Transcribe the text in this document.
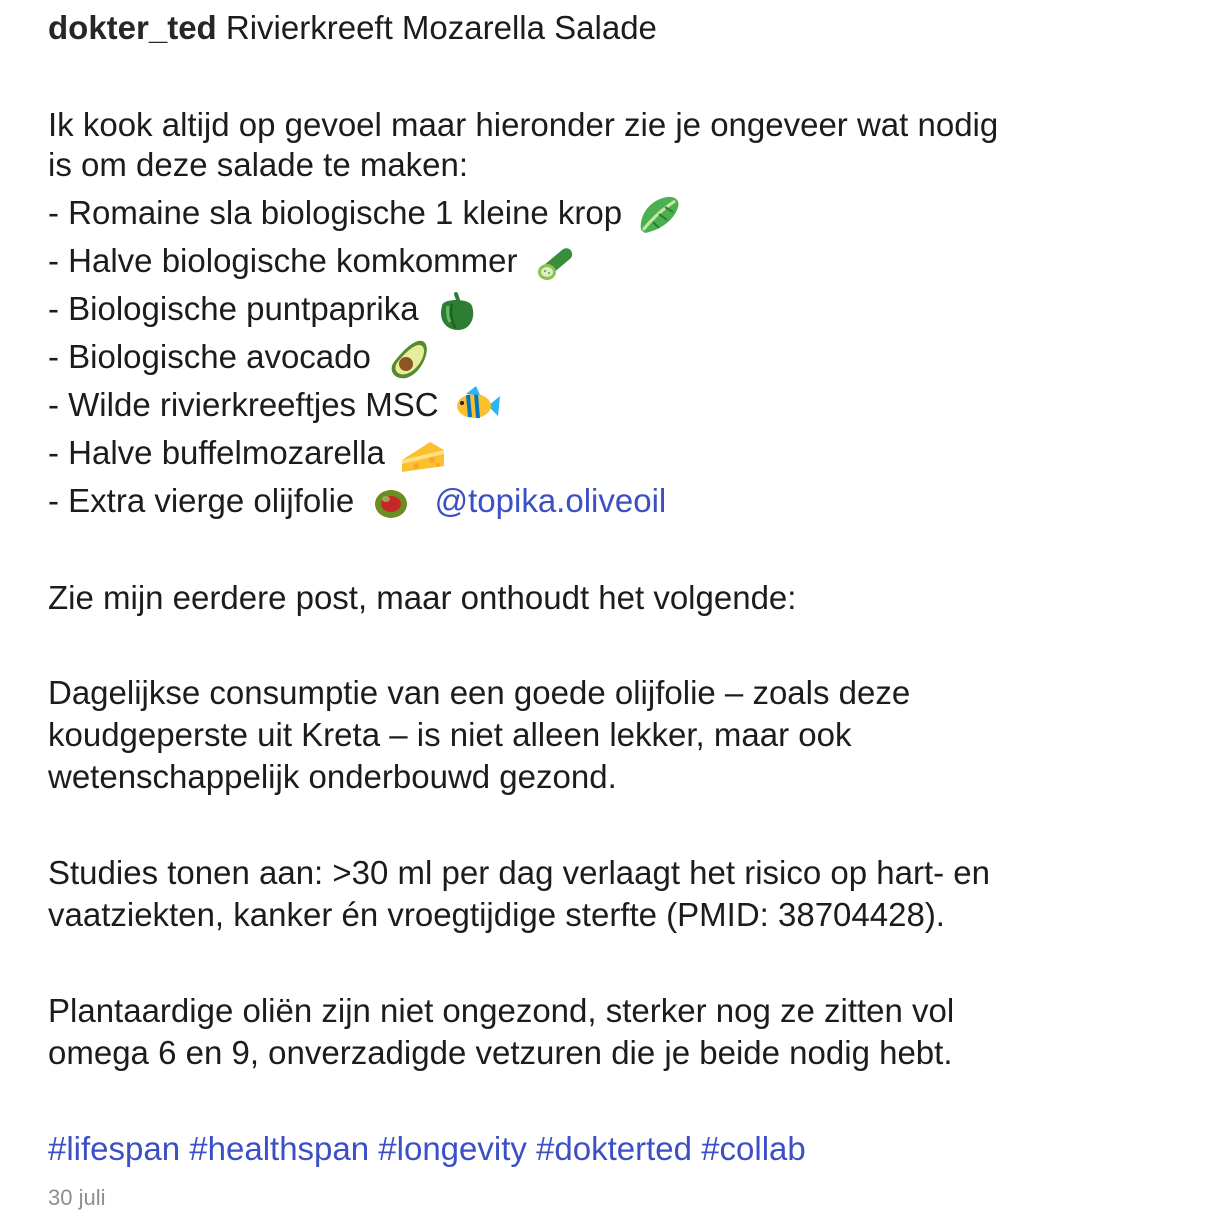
dokter_ted Rivierkreeft Mozarella Salade
Ik kook altijd op gevoel maar hieronder zie je ongeveer wat nodig
is om deze salade te maken:
- Romaine sla biologische 1 kleine krop
- Halve biologische komkommer
- Biologische puntpaprika
- Biologische avocado
- Wilde rivierkreeftjes MSC
- Halve buffelmozarella
- Extra vierge olijfolie @topika.oliveoil
Zie mijn eerdere post, maar onthoudt het volgende:
Dagelijkse consumptie van een goede olijfolie – zoals deze
koudgeperste uit Kreta – is niet alleen lekker, maar ook
wetenschappelijk onderbouwd gezond.
Studies tonen aan: >30 ml per dag verlaagt het risico op hart- en
vaatziekten, kanker én vroegtijdige sterfte (PMID: 38704428).
Plantaardige oliën zijn niet ongezond, sterker nog ze zitten vol
omega 6 en 9, onverzadigde vetzuren die je beide nodig hebt.
#lifespan #healthspan #longevity #dokterted #collab
30 juli
